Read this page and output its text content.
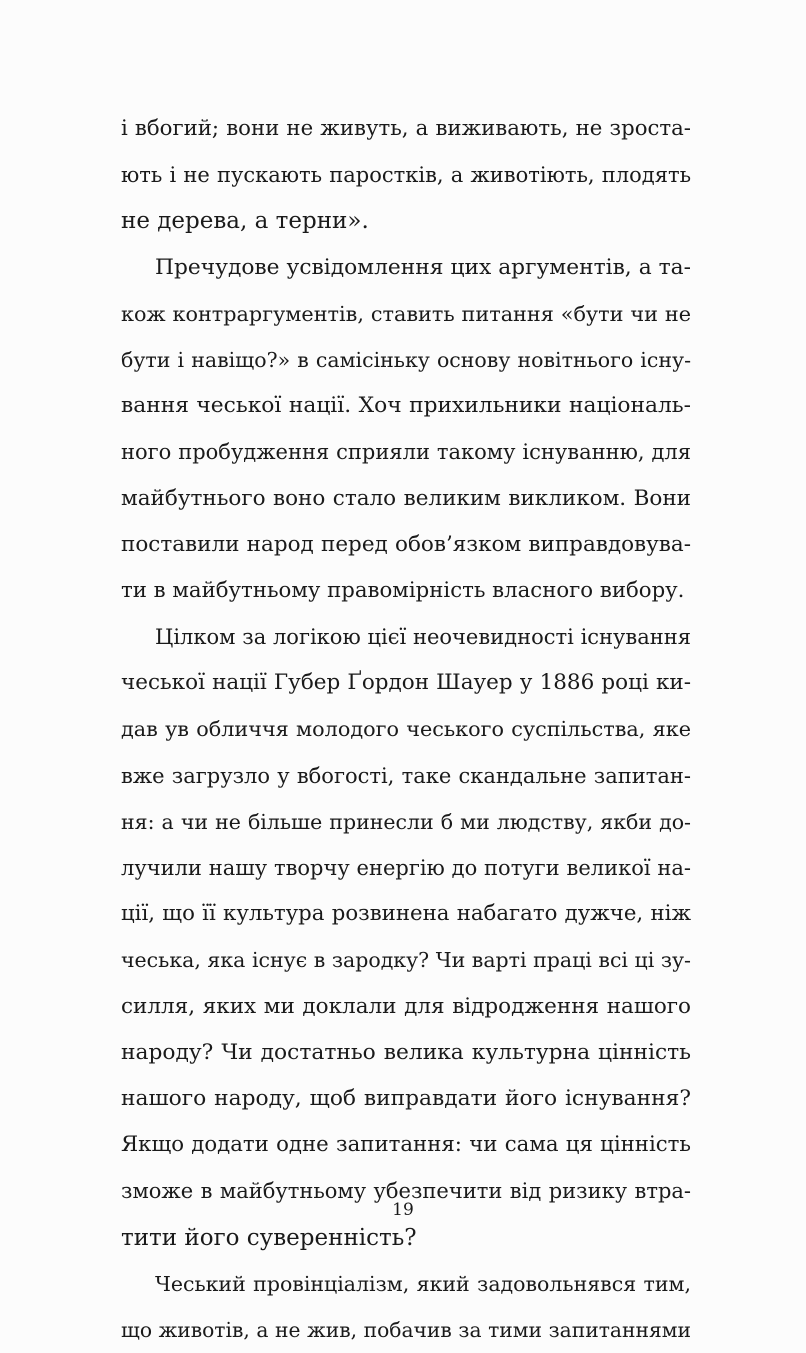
і вбогий; вони не живуть, а виживають, не зроста-
ють і не пускають паростків, а животіють, плодять
не дерева, а терни».
Пречудове усвідомлення цих аргументів, а та-
кож контраргументів, ставить питання «бути чи не
бути і навіщо?» в самісіньку основу новітнього існу-
вання чеської нації. Хоч прихильники національ-
ного пробудження сприяли такому існуванню, для
майбутнього воно стало великим викликом. Вони
поставили народ перед обов’язком виправдовува-
ти в майбутньому правомірність власного вибору.
Цілком за логікою цієї неочевидності існування
чеської нації Губер Ґордон Шауер у 1886 році ки-
дав ув обличчя молодого чеського суспільства, яке
вже загрузло у вбогості, таке скандальне запитан-
ня: а чи не більше принесли б ми людству, якби до-
лучили нашу творчу енергію до потуги великої на-
ції, що її культура розвинена набагато дужче, ніж
чеська, яка існує в зародку? Чи варті праці всі ці зу-
силля, яких ми доклали для відродження нашого
народу? Чи достатньо велика культурна цінність
нашого народу, щоб виправдати його існування?
Якщо додати одне запитання: чи сама ця цінність
зможе в майбутньому убезпечити від ризику втра-
тити його суверенність?
Чеський провінціалізм, який задовольнявся тим,
що животів, а не жив, побачив за тими запитаннями
19
